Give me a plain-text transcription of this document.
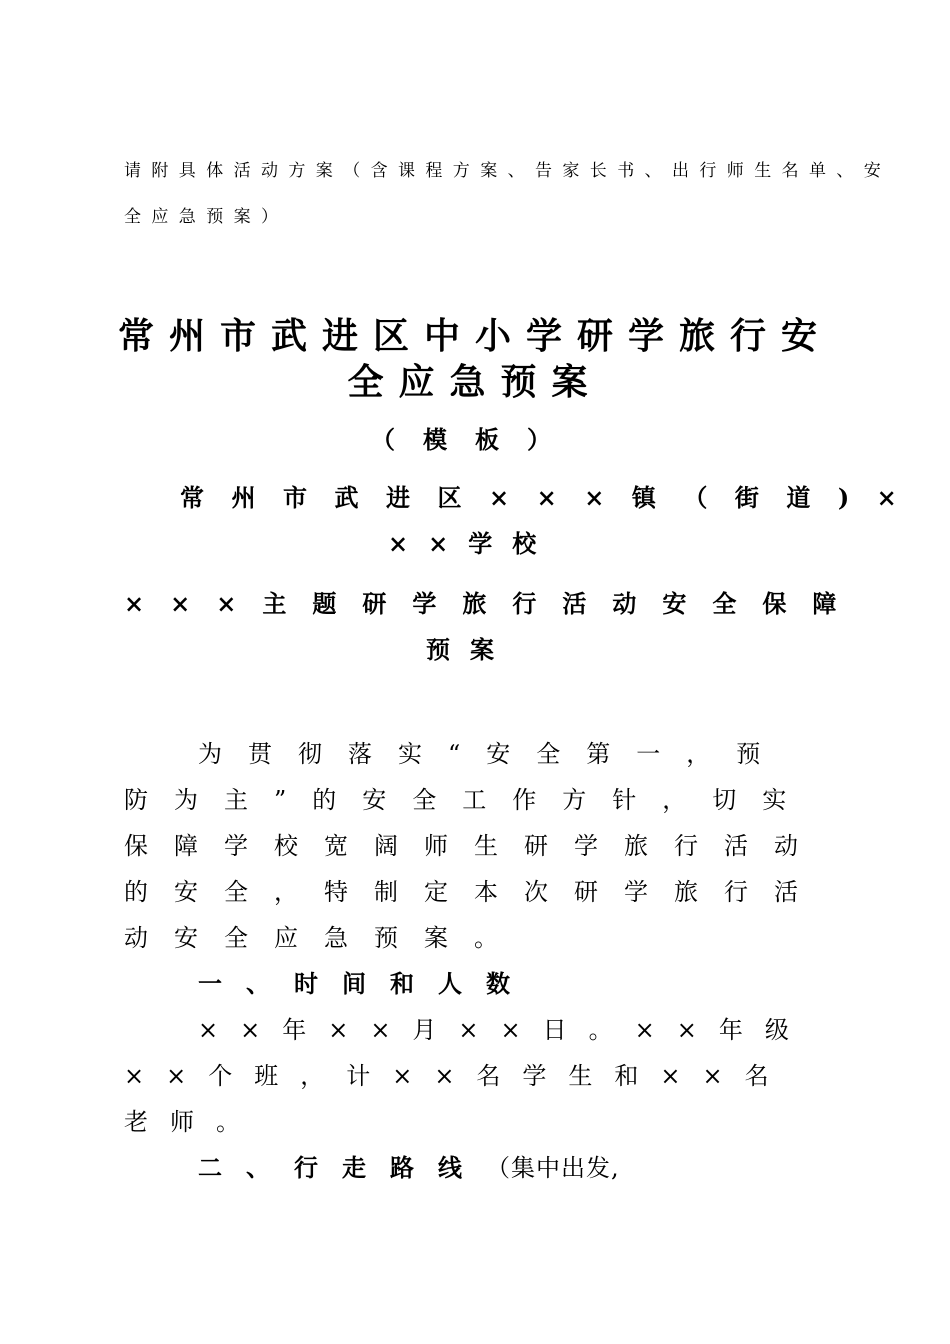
请附具体活动方案（含课程方案、告家长书、出行师生名单、安
全应急预案）
常州市武进区中小学研学旅行安
全应急预案
（模板）
常州市武进区×××镇（街道)×
××学校
×××主题研学旅行活动安全保障
预案
为贯彻落实“安全第一，预
防为主”的安全工作方针，切实
保障学校宽阔师生研学旅行活动
的安全，特制定本次研学旅行活
动安全应急预案。
一、时间和人数
××年××月××日。××年级
××个班，计××名学生和××名
老师。
二、行走路线（集中出发,
